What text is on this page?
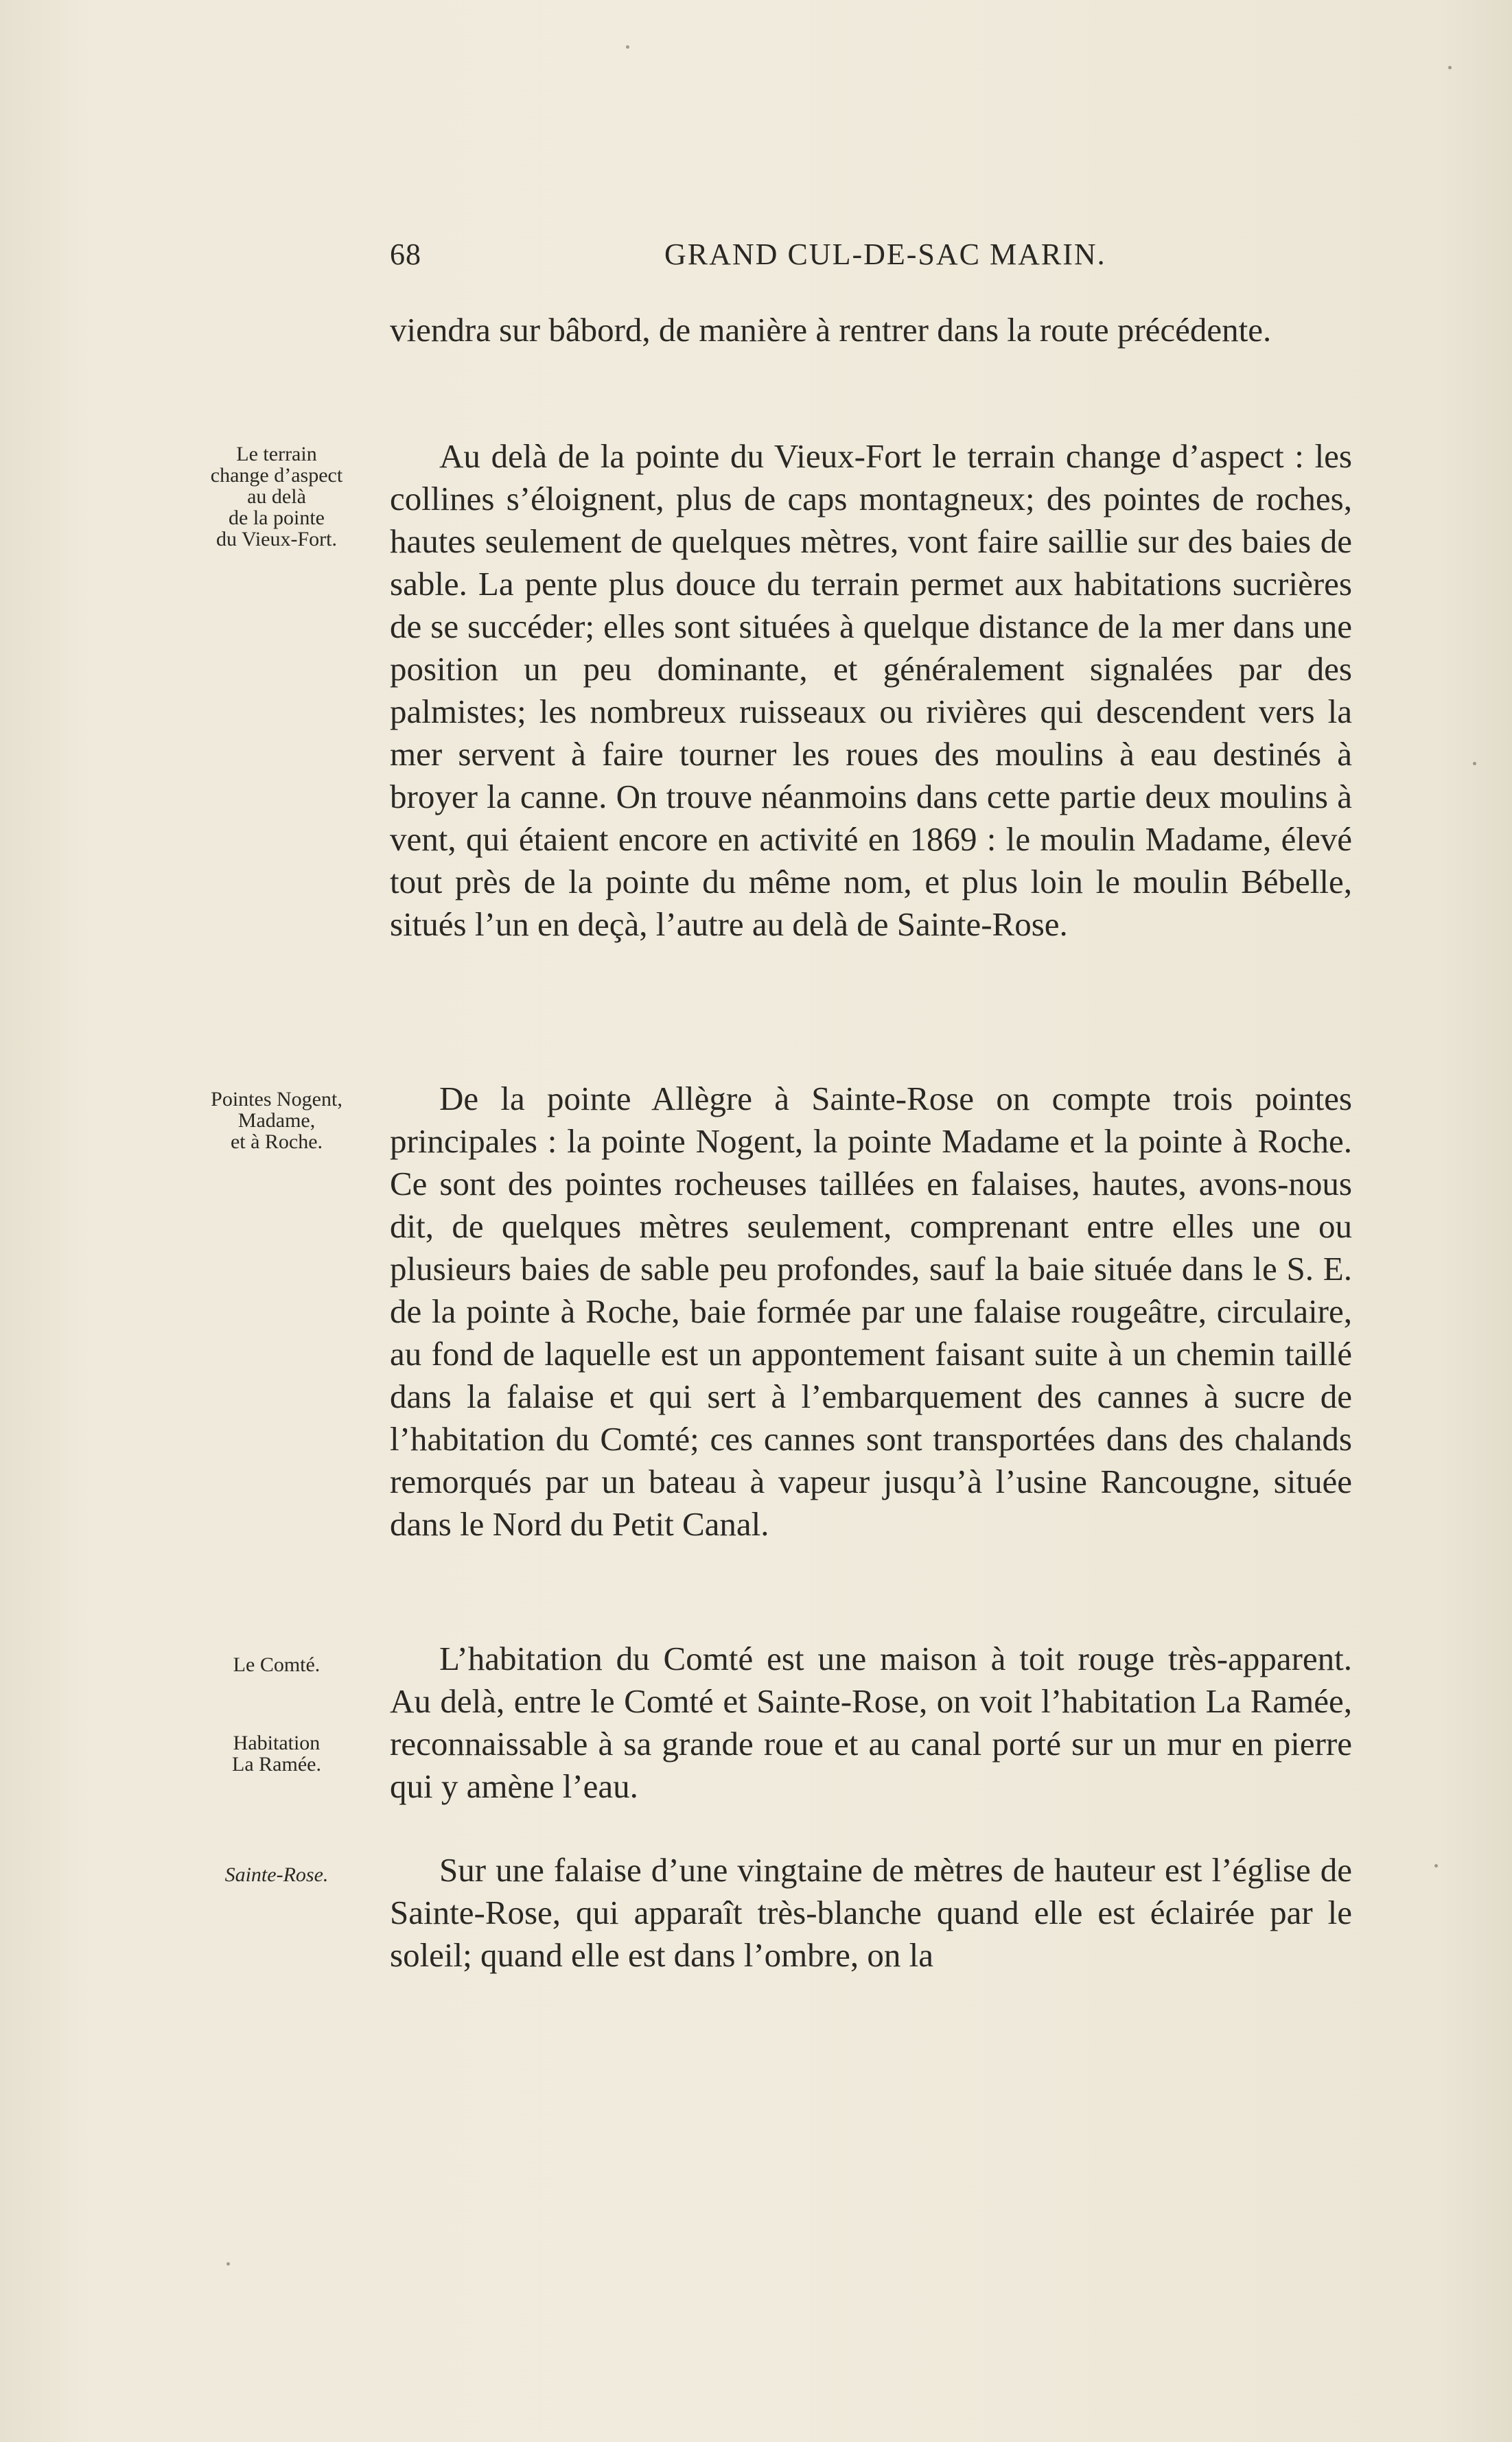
68	GRAND CUL-DE-SAC MARIN.

viendra sur bâbord, de manière à rentrer dans la route précédente.

Au delà de la pointe du Vieux-Fort le terrain change d’aspect : les collines s’éloignent, plus de caps montagneux; des pointes de roches, hautes seulement de quelques mètres, vont faire saillie sur des baies de sable. La pente plus douce du terrain permet aux habitations sucrières de se succéder; elles sont situées à quelque distance de la mer dans une position un peu dominante, et généralement signalées par des palmistes; les nombreux ruisseaux ou rivières qui descendent vers la mer servent à faire tourner les roues des moulins à eau destinés à broyer la canne. On trouve néanmoins dans cette partie deux moulins à vent, qui étaient encore en activité en 1869 : le moulin Madame, élevé tout près de la pointe du même nom, et plus loin le moulin Bébelle, situés l’un en deçà, l’autre au delà de Sainte-Rose.

De la pointe Allègre à Sainte-Rose on compte trois pointes principales : la pointe Nogent, la pointe Madame et la pointe à Roche. Ce sont des pointes rocheuses taillées en falaises, hautes, avons-nous dit, de quelques mètres seulement, comprenant entre elles une ou plusieurs baies de sable peu profondes, sauf la baie située dans le S. E. de la pointe à Roche, baie formée par une falaise rougeâtre, circulaire, au fond de laquelle est un appontement faisant suite à un chemin taillé dans la falaise et qui sert à l’embarquement des cannes à sucre de l’habitation du Comté; ces cannes sont transportées dans des chalands remorqués par un bateau à vapeur jusqu’à l’usine Rancougne, située dans le Nord du Petit Canal.

L’habitation du Comté est une maison à toit rouge très-apparent. Au delà, entre le Comté et Sainte-Rose, on voit l’habitation La Ramée, reconnaissable à sa grande roue et au canal porté sur un mur en pierre qui y amène l’eau.

Sur une falaise d’une vingtaine de mètres de hauteur est l’église de Sainte-Rose, qui apparaît très-blanche quand elle est éclairée par le soleil; quand elle est dans l’ombre, on la

Le terrain
change d’aspect
au delà
de la pointe
du Vieux-Fort.
Pointes Nogent,
Madame,
et à Roche.
Le Comté.
Habitation
La Ramée.
Sainte-Rose.
